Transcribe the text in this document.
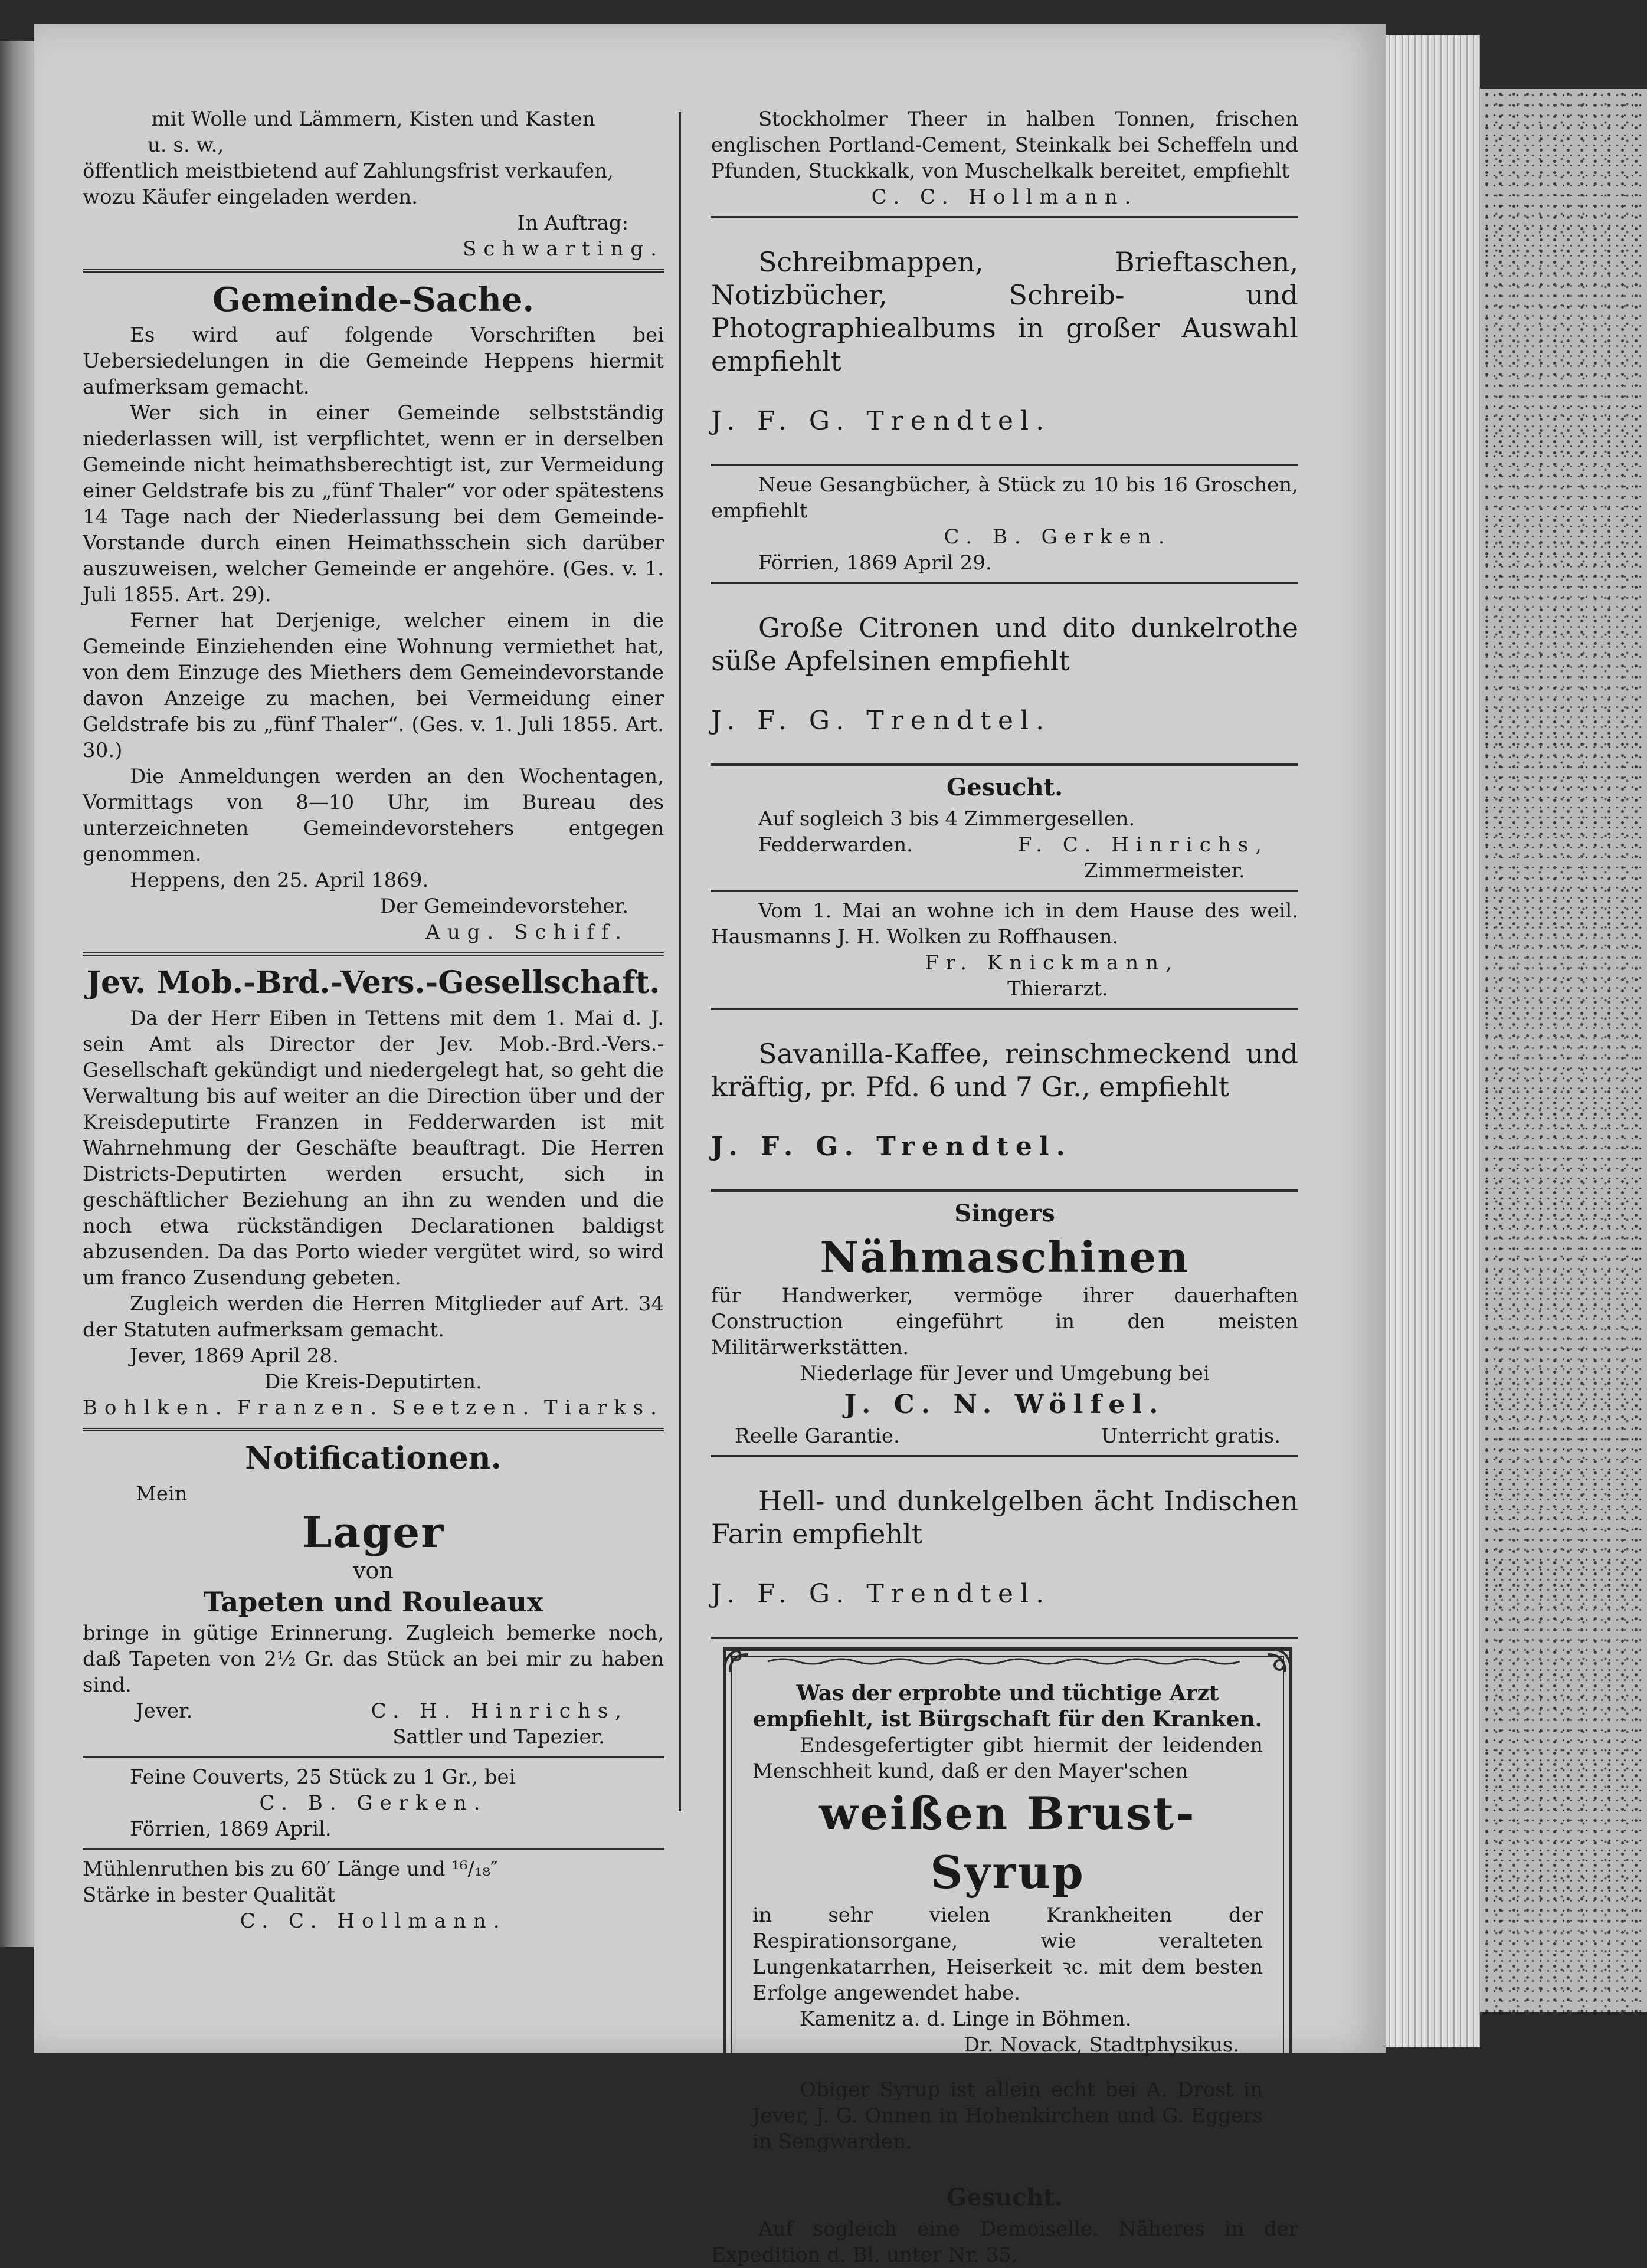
mit Wolle und Lämmern, Kisten und Kasten

u. s. w.,

öffentlich meistbietend auf Zahlungsfrist verkaufen,

wozu Käufer eingeladen werden.

In Auftrag:

Schwarting.

Gemeinde-Sache.

Es wird auf folgende Vorschriften bei Uebersiedelungen in die Gemeinde Heppens hiermit aufmerksam gemacht.

Wer sich in einer Gemeinde selbstständig niederlassen will, ist verpflichtet, wenn er in derselben Gemeinde nicht heimathsberechtigt ist, zur Vermeidung einer Geldstrafe bis zu „fünf Thaler“ vor oder spätestens 14 Tage nach der Niederlassung bei dem Gemeinde-Vorstande durch einen Heimathsschein sich darüber auszuweisen, welcher Gemeinde er angehöre. (Ges. v. 1. Juli 1855. Art. 29).

Ferner hat Derjenige, welcher einem in die Gemeinde Einziehenden eine Wohnung vermiethet hat, von dem Einzuge des Miethers dem Gemeindevorstande davon Anzeige zu machen, bei Vermeidung einer Geldstrafe bis zu „fünf Thaler“. (Ges. v. 1. Juli 1855. Art. 30.)

Die Anmeldungen werden an den Wochentagen, Vormittags von 8—10 Uhr, im Bureau des unterzeichneten Gemeindevorstehers entgegen genommen.

Heppens, den 25. April 1869.

Der Gemeindevorsteher.

Aug. Schiff.

Jev. Mob.-Brd.-Vers.-Gesellschaft.

Da der Herr Eiben in Tettens mit dem 1. Mai d. J. sein Amt als Director der Jev. Mob.-Brd.-Vers.-Gesellschaft gekündigt und niedergelegt hat, so geht die Verwaltung bis auf weiter an die Direction über und der Kreisdeputirte Franzen in Fedderwarden ist mit Wahrnehmung der Geschäfte beauftragt. Die Herren Districts-Deputirten werden ersucht, sich in geschäftlicher Beziehung an ihn zu wenden und die noch etwa rückständigen Declarationen baldigst abzusenden. Da das Porto wieder vergütet wird, so wird um franco Zusendung gebeten.

Zugleich werden die Herren Mitglieder auf Art. 34 der Statuten aufmerksam gemacht.

Jever, 1869 April 28.

Die Kreis-Deputirten.

Bohlken. Franzen. Seetzen. Tiarks.
Notificationen.

Mein

Lager

von

Tapeten und Rouleaux

bringe in gütige Erinnerung. Zugleich bemerke noch, daß Tapeten von 2½ Gr. das Stück an bei mir zu haben sind.

Jever.	C. H. Hinrichs,

Sattler und Tapezier.

Feine Couverts, 25 Stück zu 1 Gr., bei

C. B. Gerken.

Förrien, 1869 April.

Mühlenruthen bis zu 60′ Länge und ¹⁶/₁₈″

Stärke in bester Qualität

C. C. Hollmann.

Stockholmer Theer in halben Tonnen, frischen englischen Portland-Cement, Steinkalk bei Scheffeln und Pfunden, Stuckkalk, von Muschelkalk bereitet, empfiehlt

C. C. Hollmann.

Schreibmappen, Brieftaschen, Notizbücher, Schreib- und Photographiealbums in großer Auswahl empfiehlt

J. F. G. Trendtel.

Neue Gesangbücher, à Stück zu 10 bis 16 Groschen, empfiehlt

C. B. Gerken.

Förrien, 1869 April 29.

Große Citronen und dito dunkelrothe süße Apfelsinen empfiehlt

J. F. G. Trendtel.

Gesucht.

Auf sogleich 3 bis 4 Zimmergesellen.

Fedderwarden.	F. C. Hinrichs,

Zimmermeister.

Vom 1. Mai an wohne ich in dem Hause des weil. Hausmanns J. H. Wolken zu Roffhausen.

Fr. Knickmann,

Thierarzt.

Savanilla-Kaffee, reinschmeckend und kräftig, pr. Pfd. 6 und 7 Gr., empfiehlt

J. F. G. Trendtel.

Singers
Nähmaschinen

für Handwerker, vermöge ihrer dauerhaften Construction eingeführt in den meisten Militärwerkstätten.

Niederlage für Jever und Umgebung bei

J. C. N. Wölfel.

Reelle Garantie.	Unterricht gratis.

Hell- und dunkelgelben ächt Indischen Farin empfiehlt

J. F. G. Trendtel.

Was der erprobte und tüchtige Arzt empfiehlt, ist Bürgschaft für den Kranken.

Endesgefertigter gibt hiermit der leidenden Menschheit kund, daß er den Mayer'schen

weißen Brust-Syrup

in sehr vielen Krankheiten der Respirationsorgane, wie veralteten Lungenkatarrhen, Heiserkeit ꝛc. mit dem besten Erfolge angewendet habe.

Kamenitz a. d. Linge in Böhmen.

Dr. Novack, Stadtphysikus.

Obiger Syrup ist allein echt bei A. Drost in Jever, J. G. Onnen in Hohenkirchen und G. Eggers in Sengwarden.

Gesucht.

Auf sogleich eine Demoiselle. Näheres in der Expedition d. Bl. unter Nr. 35.
